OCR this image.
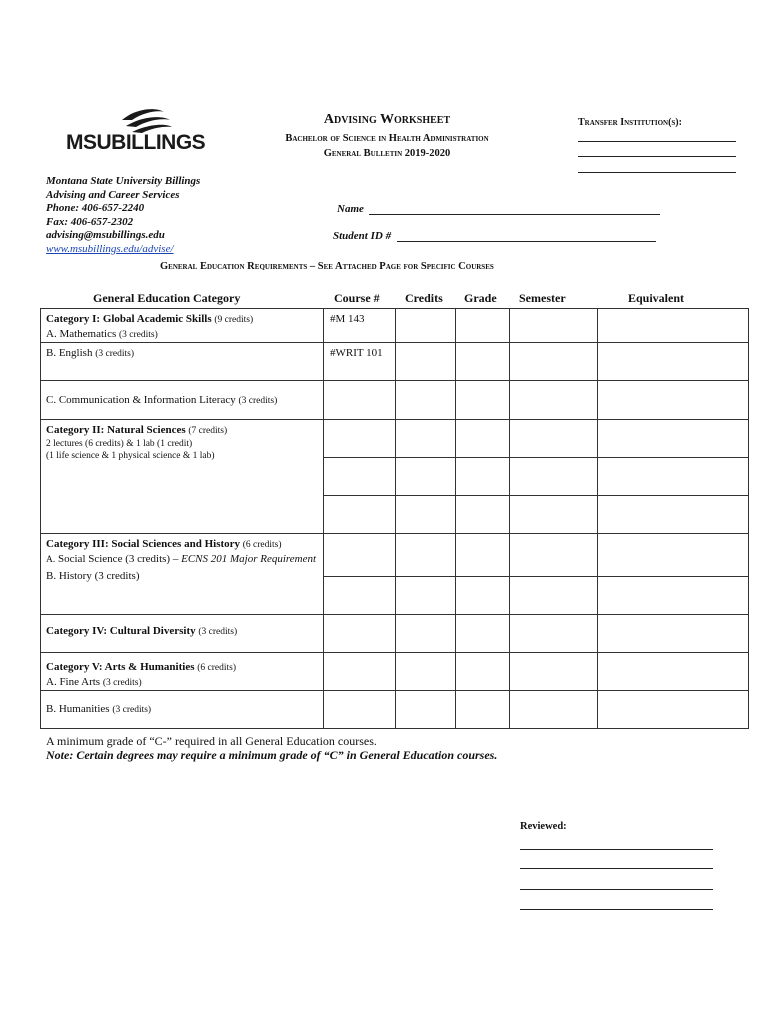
MSUBILLINGS
Advising Worksheet
Bachelor of Science in Health Administration
General Bulletin 2019-2020
Transfer Institution(s):
Montana State University Billings
Advising and Career Services
Phone: 406-657-2240
Fax: 406-657-2302
advising@msubillings.edu
www.msubillings.edu/advise/
Name
Student ID #
General Education Requirements – See Attached Page for Specific Courses
General Education Category	Course # Credits Grade Semester	Equivalent
Category I: Global Academic Skills (9 credits)
A. Mathematics (3 credits)	#M 143				
B. English (3 credits)	#WRIT 101				
C. Communication & Information Literacy (3 credits)					
Category II: Natural Sciences (7 credits)
2 lectures (6 credits) & 1 lab (1 credit)
(1 life science & 1 physical science & 1 lab)					

Category III: Social Sciences and History (6 credits)
A. Social Science (3 credits) – ECNS 201 Major Requirement

B. History (3 credits)					

Category IV: Cultural Diversity (3 credits)					
Category V: Arts & Humanities (6 credits)
A. Fine Arts (3 credits)					
B. Humanities (3 credits)					
A minimum grade of “C-” required in all General Education courses.
Note: Certain degrees may require a minimum grade of “C” in General Education courses.
Reviewed:
